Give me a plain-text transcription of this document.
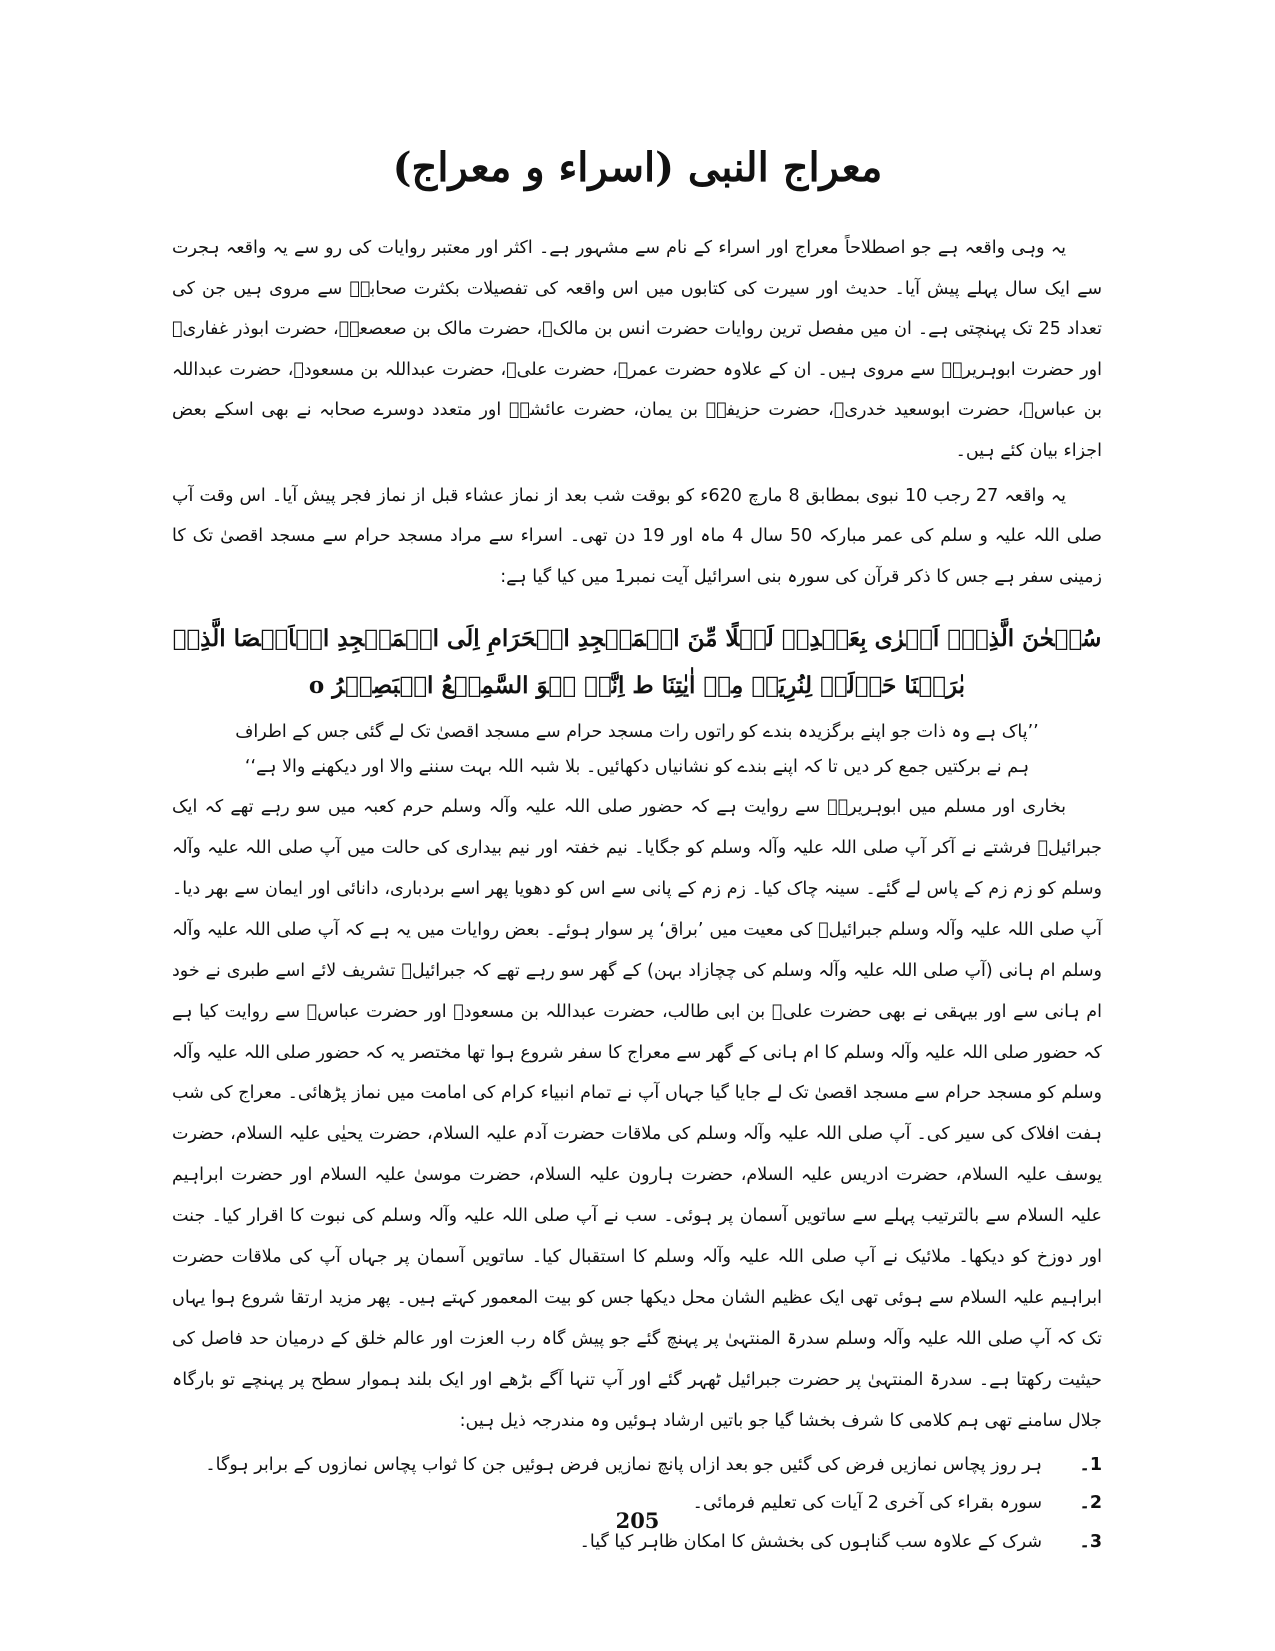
معراج النبی (اسراء و معراج)

یہ وہی واقعہ ہے جو اصطلاحاً معراج اور اسراء کے نام سے مشہور ہے۔ اکثر اور معتبر روایات کی رو سے یہ واقعہ ہجرت سے ایک سال پہلے پیش آیا۔ حدیث اور سیرت کی کتابوں میں اس واقعہ کی تفصیلات بکثرت صحابہؓ سے مروی ہیں جن کی تعداد 25 تک پہنچتی ہے۔ ان میں مفصل ترین روایات حضرت انس بن مالکؓ، حضرت مالک بن صعصعہؓ، حضرت ابوذر غفاریؓ اور حضرت ابوہریرہؓ سے مروی ہیں۔ ان کے علاوہ حضرت عمرؓ، حضرت علیؓ، حضرت عبداللہ بن مسعودؓ، حضرت عبداللہ بن عباسؓ، حضرت ابوسعید خدریؓ، حضرت حزیفہؓ بن یمان، حضرت عائشہؓ اور متعدد دوسرے صحابہ نے بھی اسکے بعض اجزاء بیان کئے ہیں۔

یہ واقعہ 27 رجب 10 نبوی بمطابق 8 مارچ 620ء کو بوقت شب بعد از نماز عشاء قبل از نماز فجر پیش آیا۔ اس وقت آپ صلی اللہ علیہ و سلم کی عمر مبارکہ 50 سال 4 ماہ اور 19 دن تھی۔ اسراء سے مراد مسجد حرام سے مسجد اقصیٰ تک کا زمینی سفر ہے جس کا ذکر قرآن کی سورہ بنی اسرائیل آیت نمبر1 میں کیا گیا ہے:

سُبۡحٰنَ الَّذِیۡۤ اَسۡرٰی بِعَبۡدِہٖ لَیۡلًا مِّنَ الۡمَسۡجِدِ الۡحَرَامِ اِلَی الۡمَسۡجِدِ الۡاَقۡصَا الَّذِیۡ
بٰرَکۡنَا حَوۡلَہٗ لِنُرِیَہٗ مِنۡ اٰیٰتِنَا ط اِنَّہٗ ہُوَ السَّمِیۡعُ الۡبَصِیۡرُ o
’’پاک ہے وہ ذات جو اپنے برگزیدہ بندے کو راتوں رات مسجد حرام سے مسجد اقصیٰ تک لے گئی جس کے اطراف
ہم نے برکتیں جمع کر دیں تا کہ اپنے بندے کو نشانیاں دکھائیں۔ بلا شبہ اللہ بہت سننے والا اور دیکھنے والا ہے‘‘

بخاری اور مسلم میں ابوہریرہؓ سے روایت ہے کہ حضور صلی اللہ علیہ وآلہ وسلم حرم کعبہ میں سو رہے تھے کہ ایک جبرائیلؑ فرشتے نے آکر آپ صلی اللہ علیہ وآلہ وسلم کو جگایا۔ نیم خفتہ اور نیم بیداری کی حالت میں آپ صلی اللہ علیہ وآلہ وسلم کو زم زم کے پاس لے گئے۔ سینہ چاک کیا۔ زم زم کے پانی سے اس کو دھویا پھر اسے بردباری، دانائی اور ایمان سے بھر دیا۔ آپ صلی اللہ علیہ وآلہ وسلم جبرائیلؑ کی معیت میں ’براق‘ پر سوار ہوئے۔ بعض روایات میں یہ ہے کہ آپ صلی اللہ علیہ وآلہ وسلم ام ہانی (آپ صلی اللہ علیہ وآلہ وسلم کی چچازاد بہن) کے گھر سو رہے تھے کہ جبرائیلؑ تشریف لائے اسے طبری نے خود ام ہانی سے اور بیہقی نے بھی حضرت علیؓ بن ابی طالب، حضرت عبداللہ بن مسعودؓ اور حضرت عباسؓ سے روایت کیا ہے کہ حضور صلی اللہ علیہ وآلہ وسلم کا ام ہانی کے گھر سے معراج کا سفر شروع ہوا تھا مختصر یہ کہ حضور صلی اللہ علیہ وآلہ وسلم کو مسجد حرام سے مسجد اقصیٰ تک لے جایا گیا جہاں آپ نے تمام انبیاء کرام کی امامت میں نماز پڑھائی۔ معراج کی شب ہفت افلاک کی سیر کی۔ آپ صلی اللہ علیہ وآلہ وسلم کی ملاقات حضرت آدم علیہ السلام، حضرت یحیٰی علیہ السلام، حضرت یوسف علیہ السلام، حضرت ادریس علیہ السلام، حضرت ہارون علیہ السلام، حضرت موسیٰ علیہ السلام اور حضرت ابراہیم علیہ السلام سے بالترتیب پہلے سے ساتویں آسمان پر ہوئی۔ سب نے آپ صلی اللہ علیہ وآلہ وسلم کی نبوت کا اقرار کیا۔ جنت اور دوزخ کو دیکھا۔ ملائیک نے آپ صلی اللہ علیہ وآلہ وسلم کا استقبال کیا۔ ساتویں آسمان پر جہاں آپ کی ملاقات حضرت ابراہیم علیہ السلام سے ہوئی تھی ایک عظیم الشان محل دیکھا جس کو بیت المعمور کہتے ہیں۔ پھر مزید ارتقا شروع ہوا یہاں تک کہ آپ صلی اللہ علیہ وآلہ وسلم سدرۃ المنتہیٰ پر پہنچ گئے جو پیش گاہ رب العزت اور عالم خلق کے درمیان حد فاصل کی حیثیت رکھتا ہے۔ سدرۃ المنتہیٰ پر حضرت جبرائیل ٹھہر گئے اور آپ تنہا آگے بڑھے اور ایک بلند ہموار سطح پر پہنچے تو بارگاہ جلال سامنے تھی ہم کلامی کا شرف بخشا گیا جو باتیں ارشاد ہوئیں وہ مندرجہ ذیل ہیں:

1۔
ہر روز پچاس نمازیں فرض کی گئیں جو بعد ازاں پانچ نمازیں فرض ہوئیں جن کا ثواب پچاس نمازوں کے برابر ہوگا۔
2۔
سورہ بقراء کی آخری 2 آیات کی تعلیم فرمائی۔
3۔
شرک کے علاوہ سب گناہوں کی بخشش کا امکان ظاہر کیا گیا۔
205
